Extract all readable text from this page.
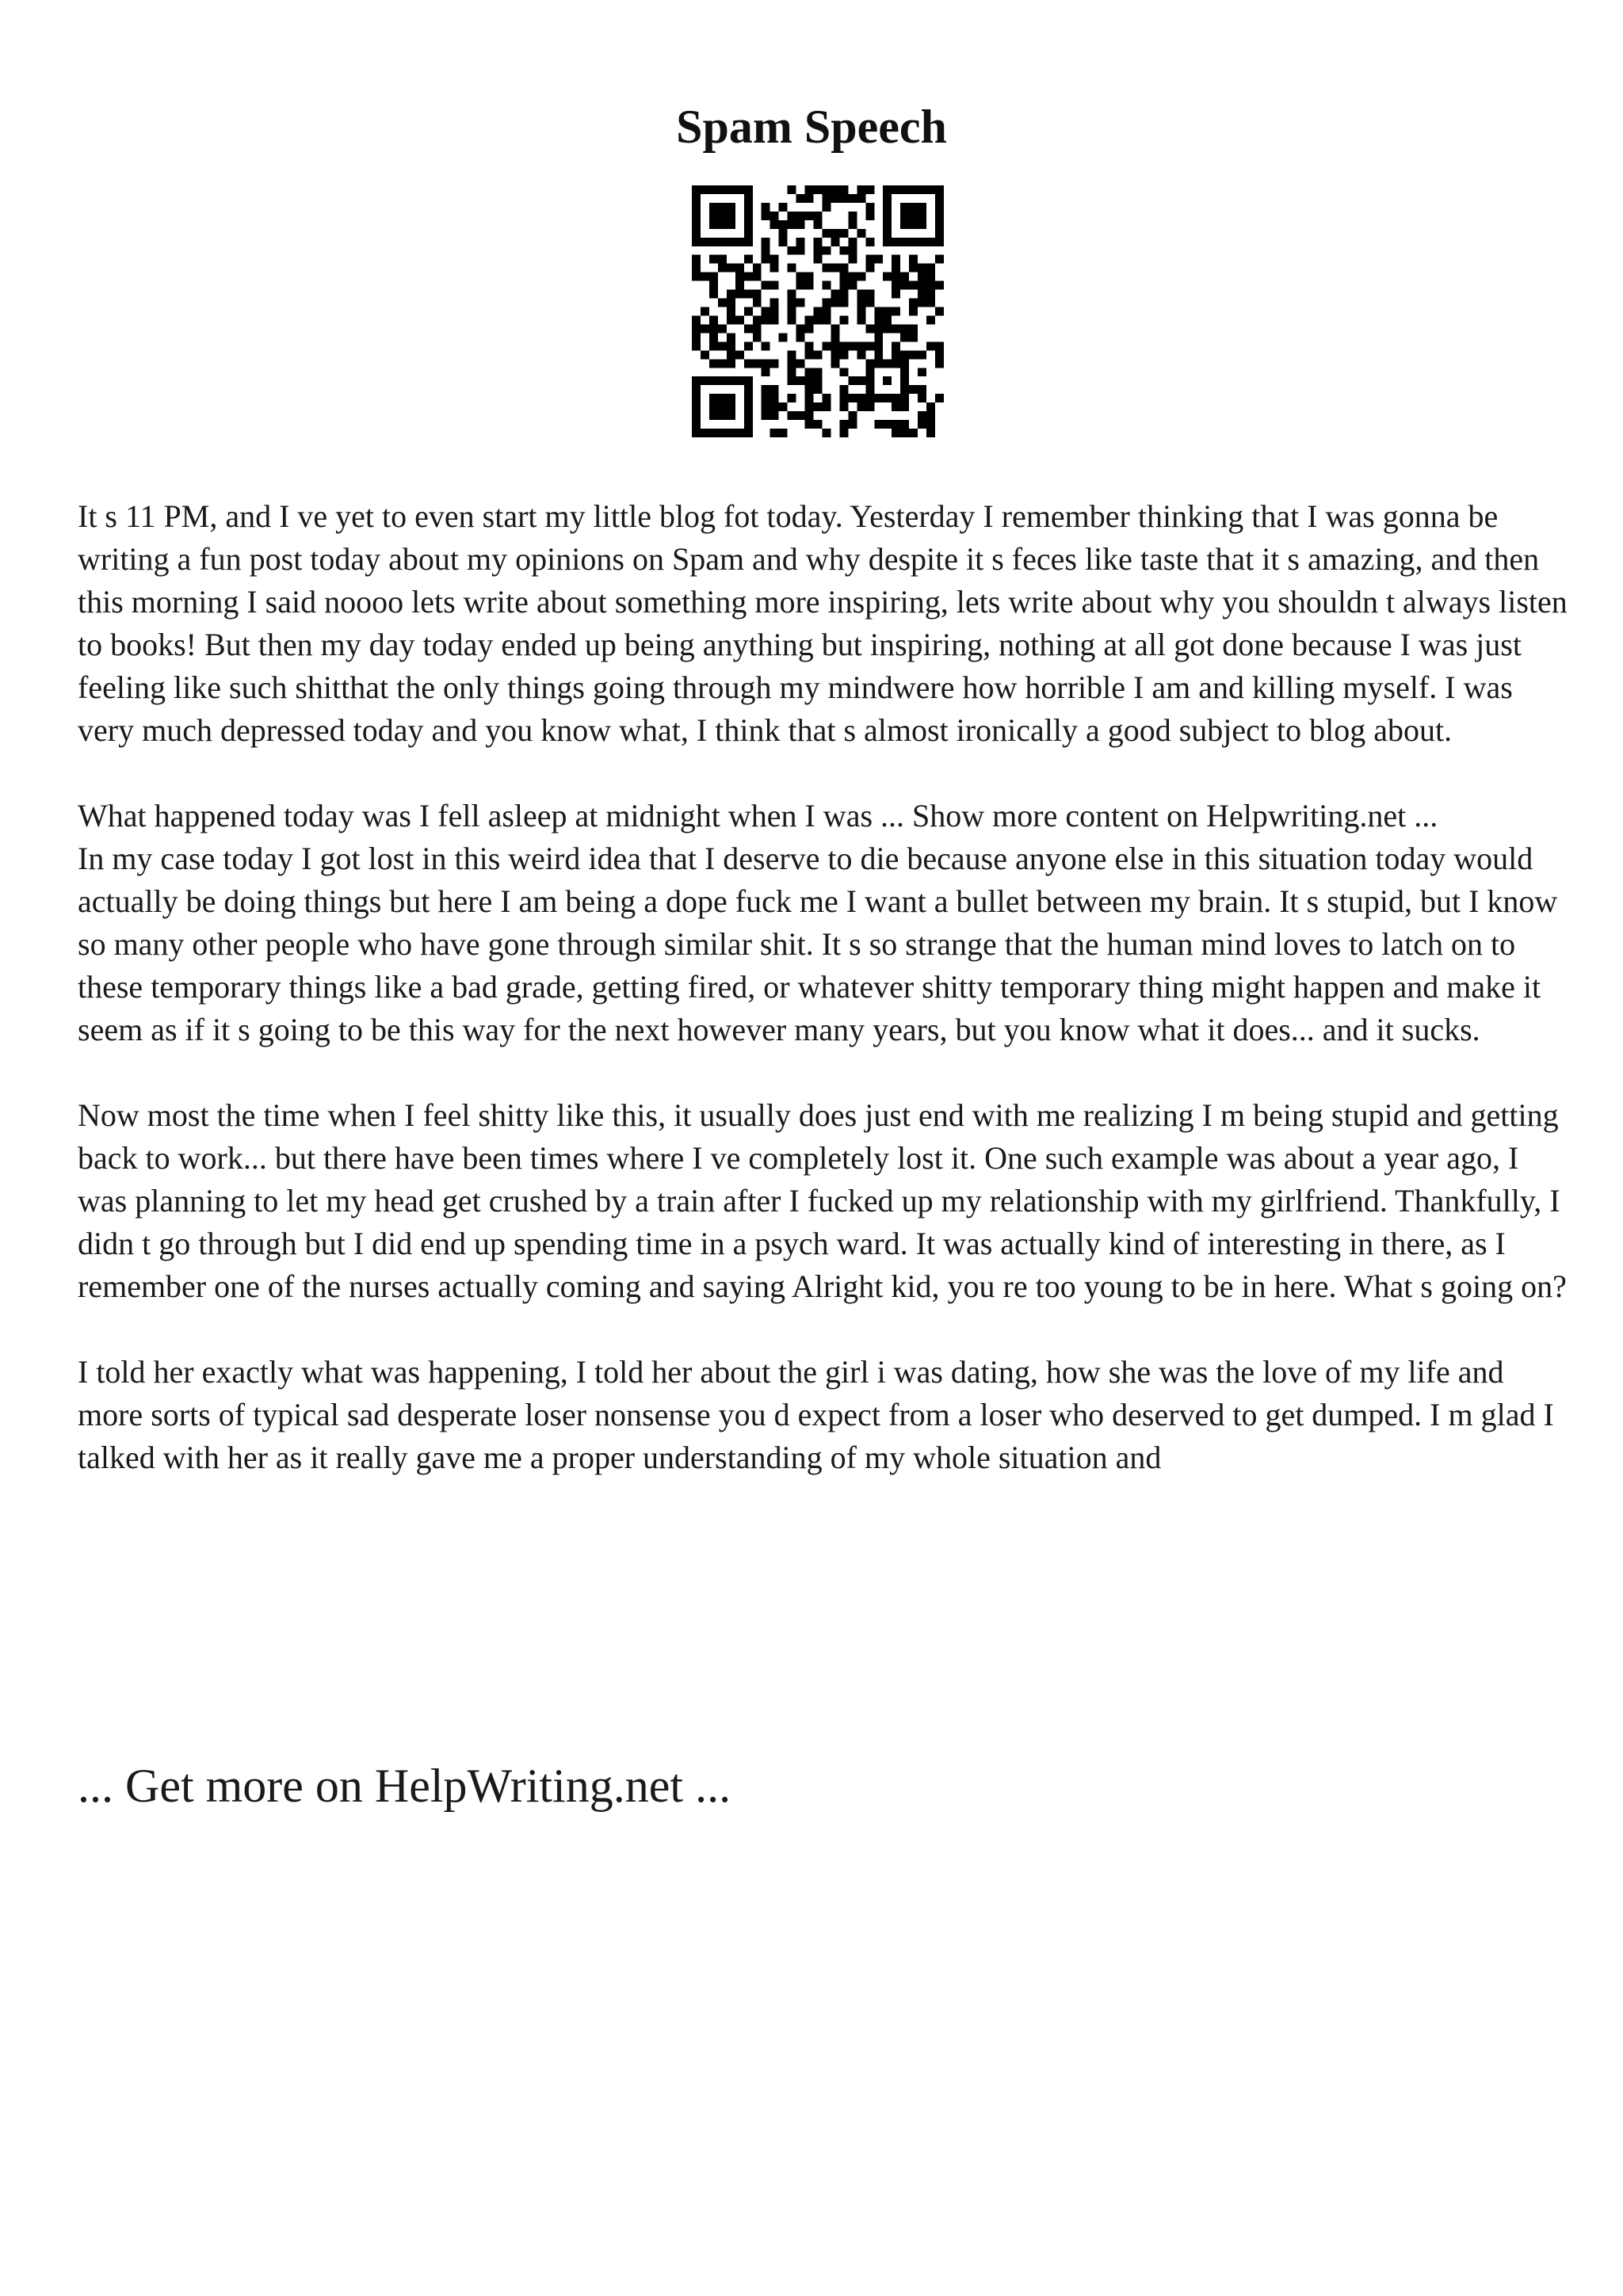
Spam Speech

It s 11 PM, and I ve yet to even start my little blog fot today. Yesterday I remember thinking that I was gonna be writing a fun post today about my opinions on Spam and why despite it s feces like taste that it s amazing, and then this morning I said noooo lets write about something more inspiring, lets write about why you shouldn t always listen to books! But then my day today ended up being anything but inspiring, nothing at all got done because I was just feeling like such shitthat the only things going through my mindwere how horrible I am and killing myself. I was very much depressed today and you know what, I think that s almost ironically a good subject to blog about.

What happened today was I fell asleep at midnight when I was ... Show more content on Helpwriting.net ...

In my case today I got lost in this weird idea that I deserve to die because anyone else in this situation today would actually be doing things but here I am being a dope fuck me I want a bullet between my brain. It s stupid, but I know so many other people who have gone through similar shit. It s so strange that the human mind loves to latch on to these temporary things like a bad grade, getting fired, or whatever shitty temporary thing might happen and make it seem as if it s going to be this way for the next however many years, but you know what it does... and it sucks.

Now most the time when I feel shitty like this, it usually does just end with me realizing I m being stupid and getting back to work... but there have been times where I ve completely lost it. One such example was about a year ago, I was planning to let my head get crushed by a train after I fucked up my relationship with my girlfriend. Thankfully, I didn t go through but I did end up spending time in a psych ward. It was actually kind of interesting in there, as I remember one of the nurses actually coming and saying Alright kid, you re too young to be in here. What s going on?

I told her exactly what was happening, I told her about the girl i was dating, how she was the love of my life and more sorts of typical sad desperate loser nonsense you d expect from a loser who deserved to get dumped. I m glad I talked with her as it really gave me a proper understanding of my whole situation and

... Get more on HelpWriting.net ...
